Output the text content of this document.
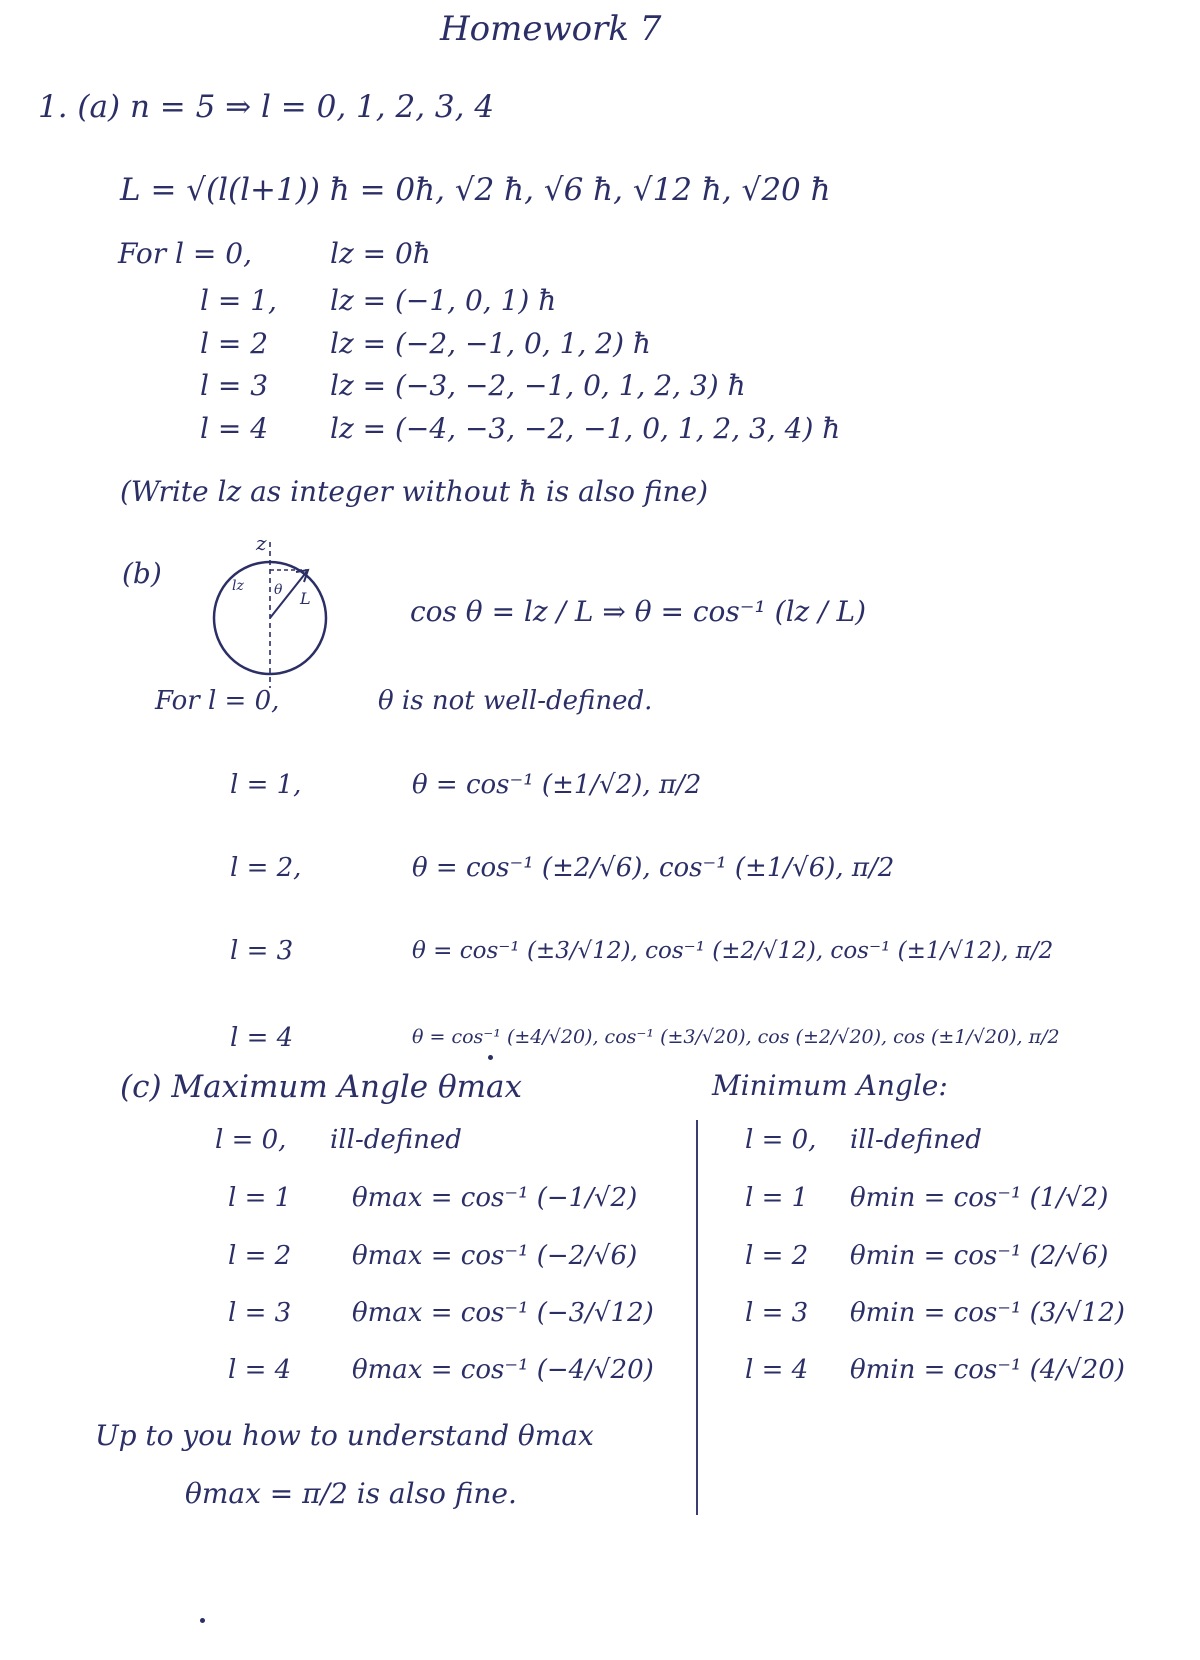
Homework 7
1. (a) n = 5 ⇒ l = 0, 1, 2, 3, 4
L = √(l(l+1)) ħ = 0ħ, √2 ħ, √6 ħ, √12 ħ, √20 ħ
For l = 0,	lz = 0ħ
l = 1, lz = (−1, 0, 1) ħ
l = 2 lz = (−2, −1, 0, 1, 2) ħ
l = 3 lz = (−3, −2, −1, 0, 1, 2, 3) ħ
l = 4 lz = (−4, −3, −2, −1, 0, 1, 2, 3, 4) ħ
(Write lz as integer without ħ is also fine)
(b)
z
lz θ L	cos θ = lz / L ⇒ θ = cos⁻¹ (lz / L)
For l = 0,	θ is not well-defined.
l = 1,	θ = cos⁻¹ (±1/√2), π/2
l = 2,	θ = cos⁻¹ (±2/√6), cos⁻¹ (±1/√6), π/2
l = 3	θ = cos⁻¹ (±3/√12), cos⁻¹ (±2/√12), cos⁻¹ (±1/√12), π/2
l = 4	θ = cos⁻¹ (±4/√20), cos⁻¹ (±3/√20), cos (±2/√20), cos (±1/√20), π/2
(c) Maximum Angle θmax
l = 0, ill-defined
l = 1 θmax = cos⁻¹ (−1/√2)
l = 2 θmax = cos⁻¹ (−2/√6)
l = 3 θmax = cos⁻¹ (−3/√12)
l = 4 θmax = cos⁻¹ (−4/√20)
Minimum Angle:
l = 0, ill-defined
l = 1 θmin = cos⁻¹ (1/√2)
l = 2 θmin = cos⁻¹ (2/√6)
l = 3 θmin = cos⁻¹ (3/√12)
l = 4 θmin = cos⁻¹ (4/√20)
Up to you how to understand θmax
θmax = π/2 is also fine.
